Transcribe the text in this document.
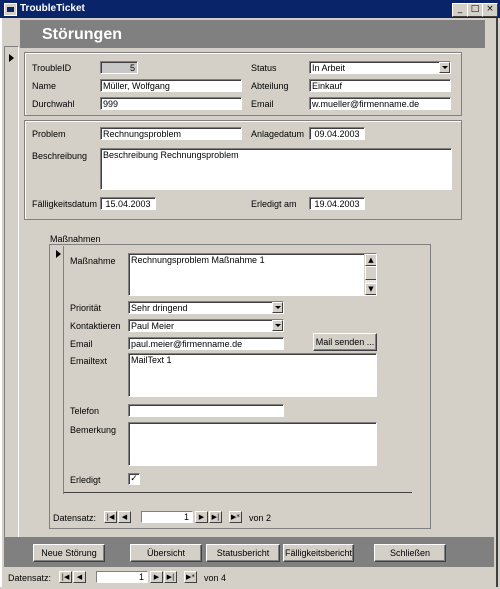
TroubleTicket	_ □ ×
Störungen
TroubleID	5
Name	Müller, Wolfgang
Durchwahl	999
Status	In Arbeit
Abteilung	Einkauf
Email	w.mueller@firmenname.de
Problem	Rechnungsproblem	Anlagedatum	09.04.2003
Beschreibung	Beschreibung Rechnungsproblem
Fälligkeitsdatum 15.04.2003	Erledigt am	19.04.2003
Maßnahmen
Maßnahme	Rechnungsproblem Maßnahme 1	▲
▼
Priorität	Sehr dringend
Kontaktieren	Paul Meier
Email	paul.meier@firmenname.de	Mail senden ...
Emailtext	MailText 1
Telefon
Bemerkung
Erledigt	✓
Datensatz:	|◀	◀	1	▶	▶|	▶* von 2
Neue Störung	Übersicht	Statusbericht	Fälligkeitsbericht	Schließen
Datensatz:	|◀	◀	1	▶	▶|	▶* von 4
